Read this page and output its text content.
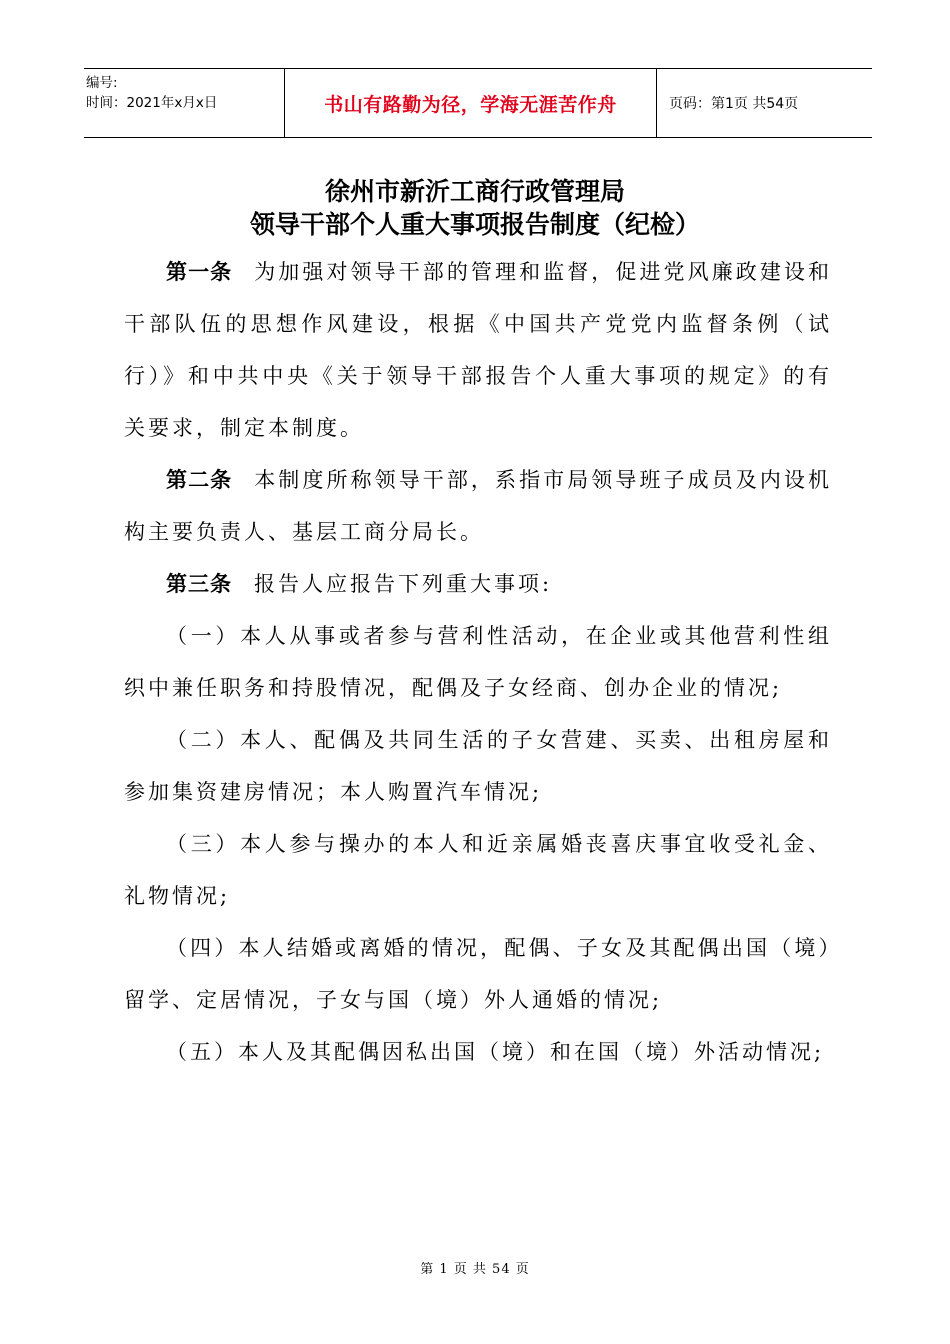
编号:
时间：2021年x月x日	书山有路勤为径，学海无涯苦作舟	页码：第1页 共54页
徐州市新沂工商行政管理局
领导干部个人重大事项报告制度（纪检）

第一条 为加强对领导干部的管理和监督，促进党风廉政建设和干部队伍的思想作风建设，根据《中国共产党党内监督条例（试行）》和中共中央《关于领导干部报告个人重大事项的规定》的有关要求，制定本制度。

第二条 本制度所称领导干部，系指市局领导班子成员及内设机构主要负责人、基层工商分局长。

第三条 报告人应报告下列重大事项:

（一）本人从事或者参与营利性活动，在企业或其他营利性组织中兼任职务和持股情况，配偶及子女经商、创办企业的情况;

（二）本人、配偶及共同生活的子女营建、买卖、出租房屋和参加集资建房情况；本人购置汽车情况;

（三）本人参与操办的本人和近亲属婚丧喜庆事宜收受礼金、礼物情况;

（四）本人结婚或离婚的情况，配偶、子女及其配偶出国（境）留学、定居情况，子女与国（境）外人通婚的情况;

（五）本人及其配偶因私出国（境）和在国（境）外活动情况;

第 1 页 共 54 页
